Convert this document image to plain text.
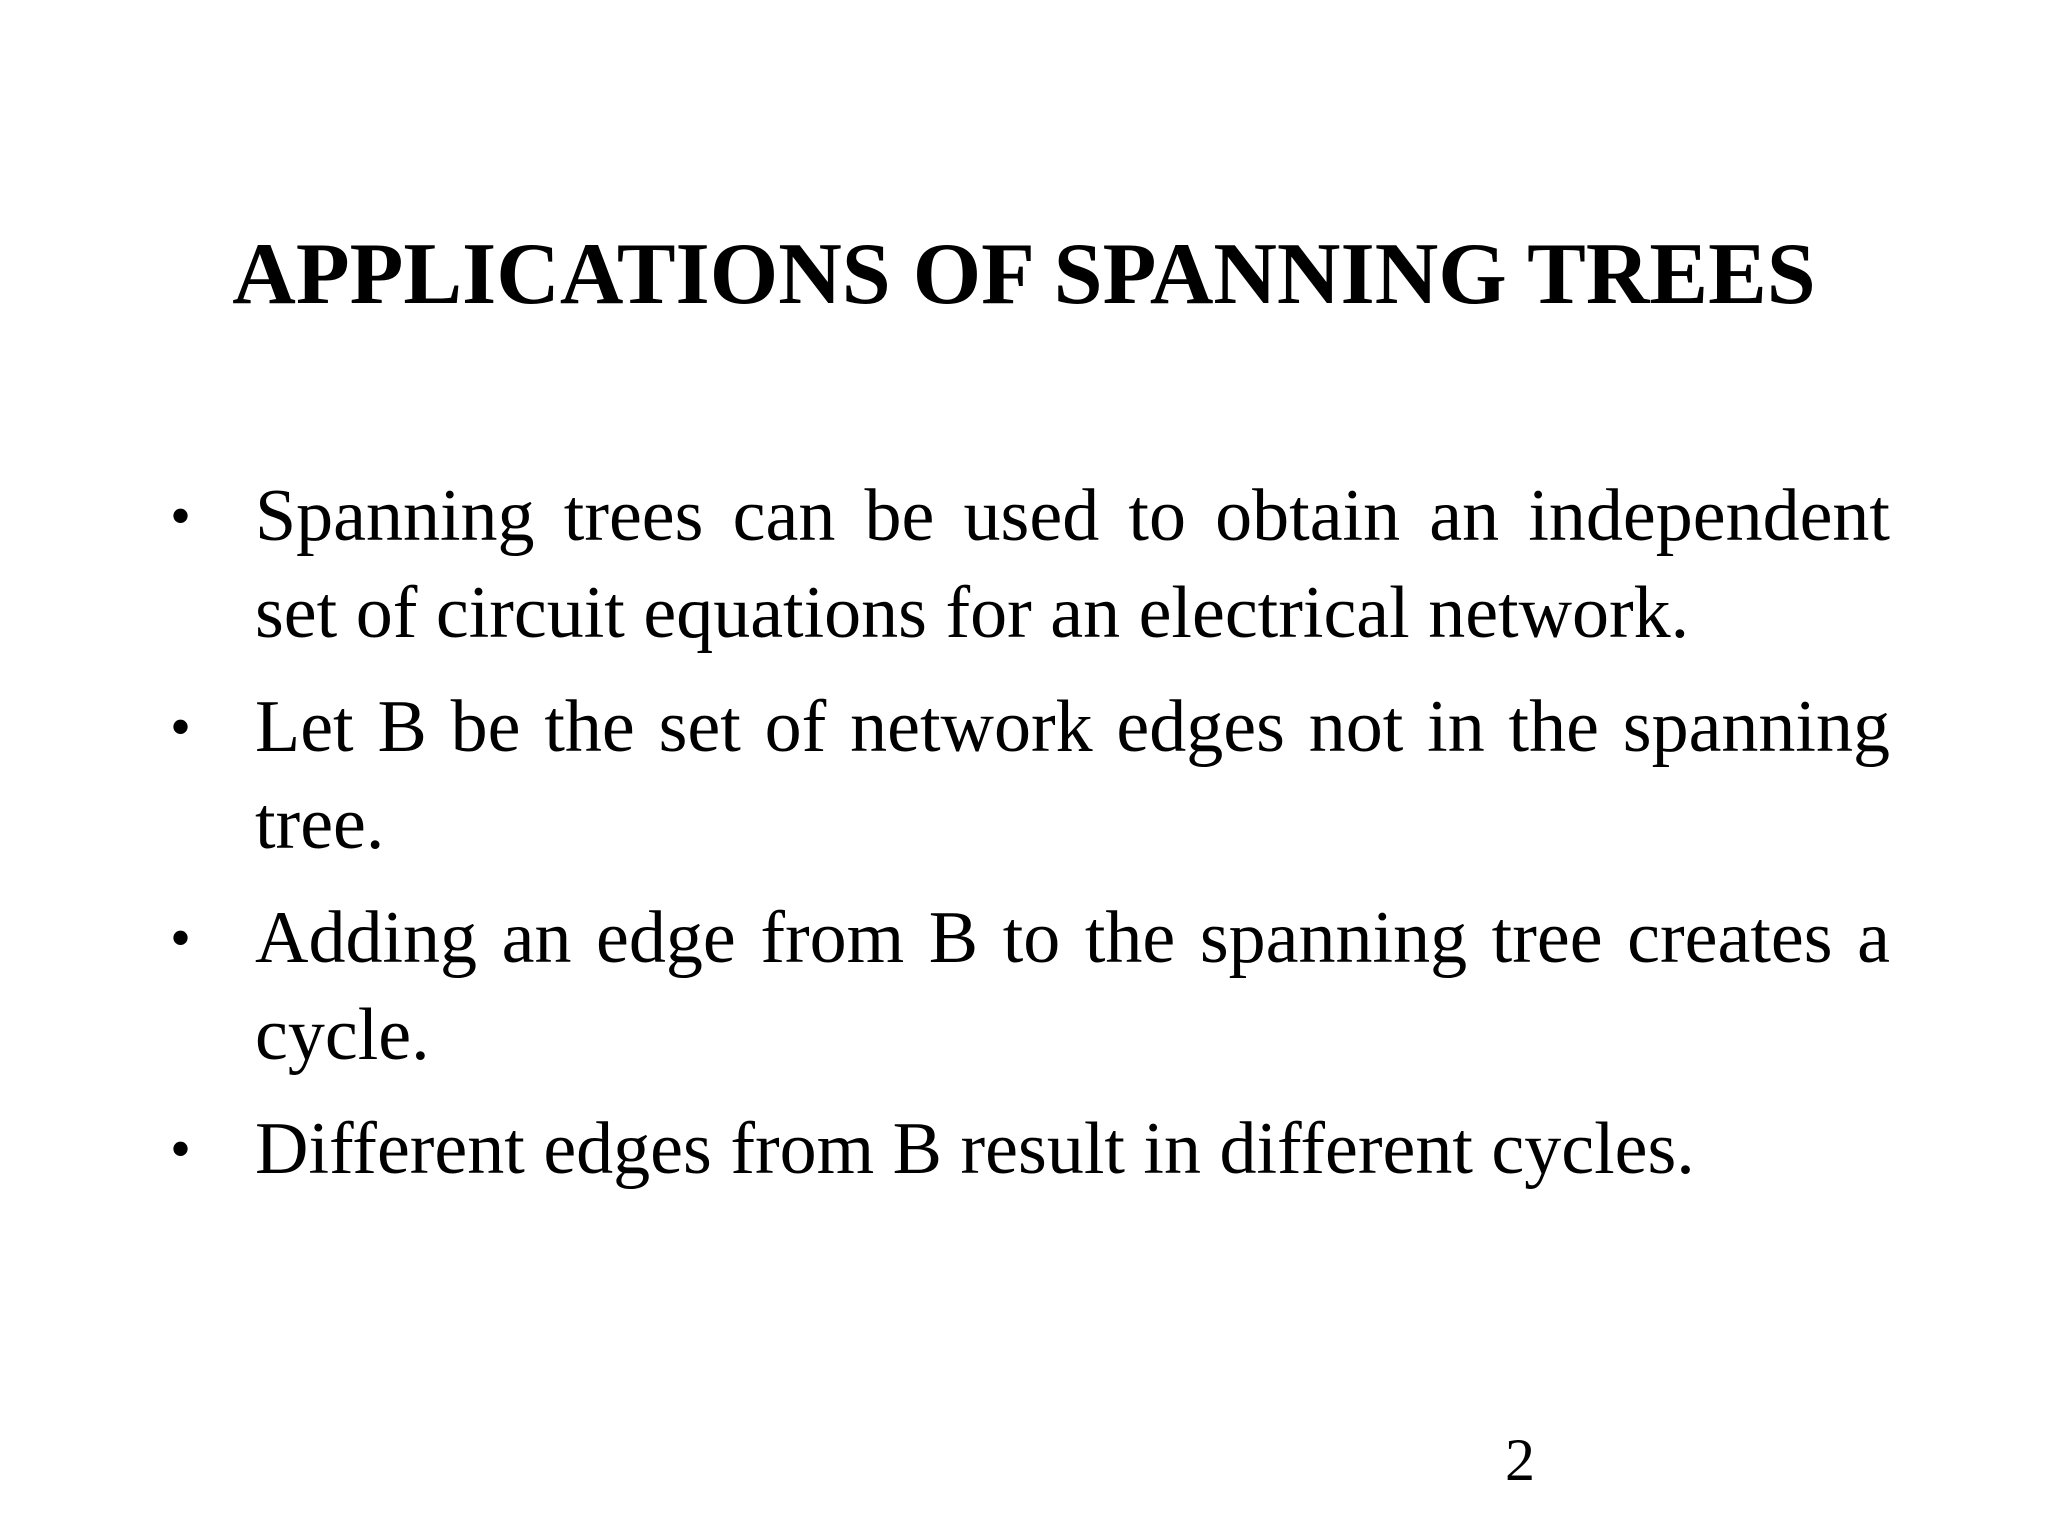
APPLICATIONS OF SPANNING TREES
• Spanning trees can be used to obtain an independent set of circuit equations for an electrical network.
• Let B be the set of network edges not in the spanning tree.
• Adding an edge from B to the spanning tree creates a cycle.
• Different edges from B result in different cycles.
2
